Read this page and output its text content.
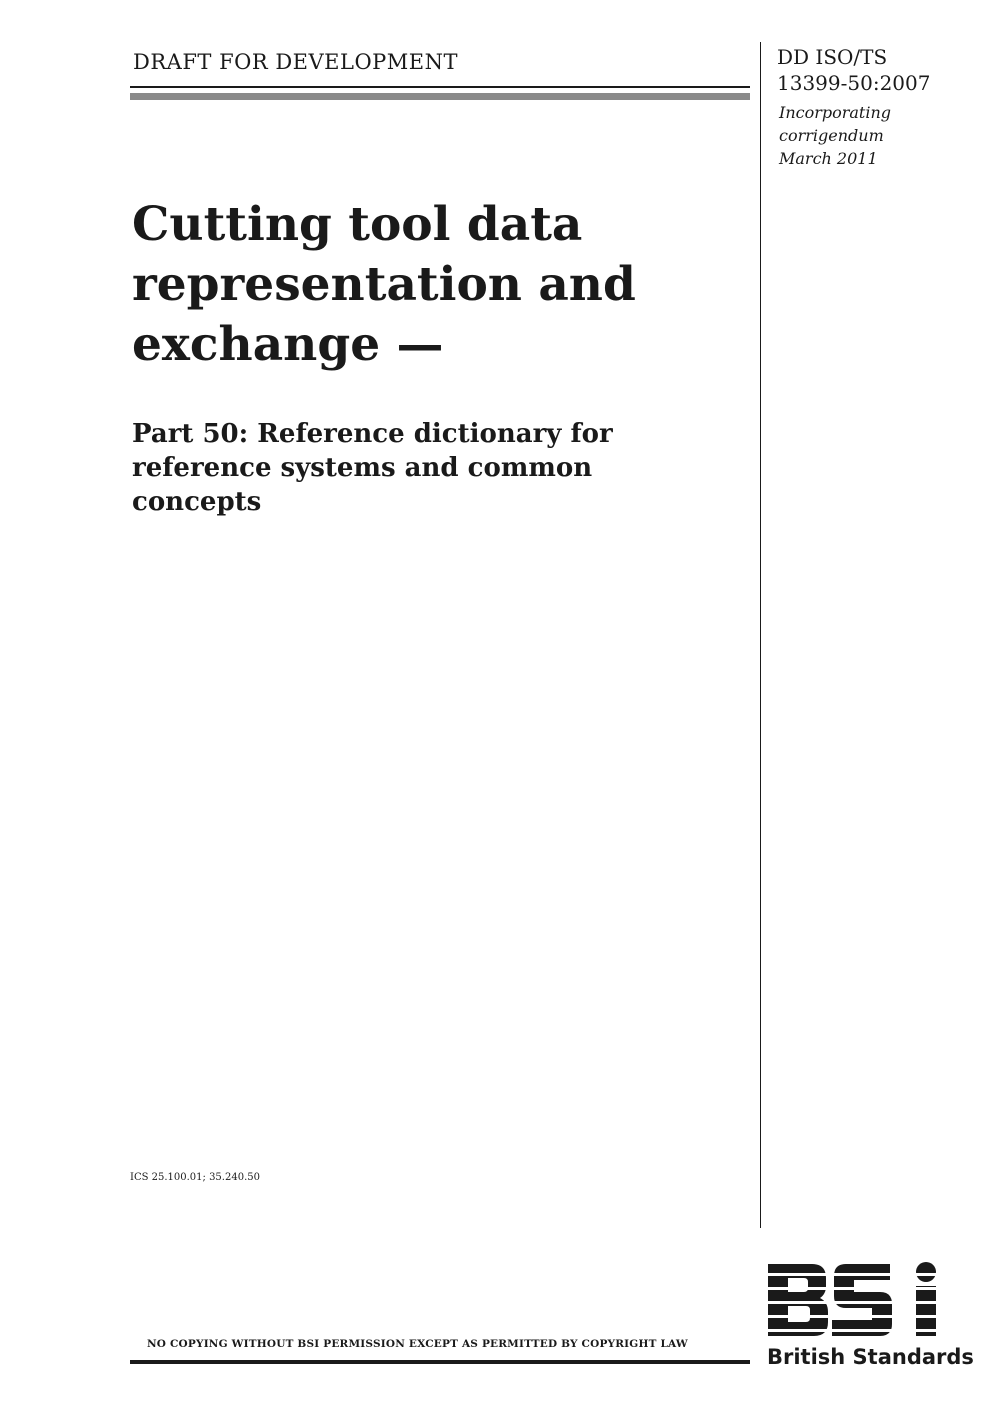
DRAFT FOR DEVELOPMENT	DD ISO/TS
13399-50:2007
Incorporating
corrigendum
March 2011
Cutting tool data
representation and
exchange —
Part 50: Reference dictionary for
reference systems and common
concepts
ICS 25.100.01; 35.240.50
NO COPYING WITHOUT BSI PERMISSION EXCEPT AS PERMITTED BY COPYRIGHT LAW
British Standards
